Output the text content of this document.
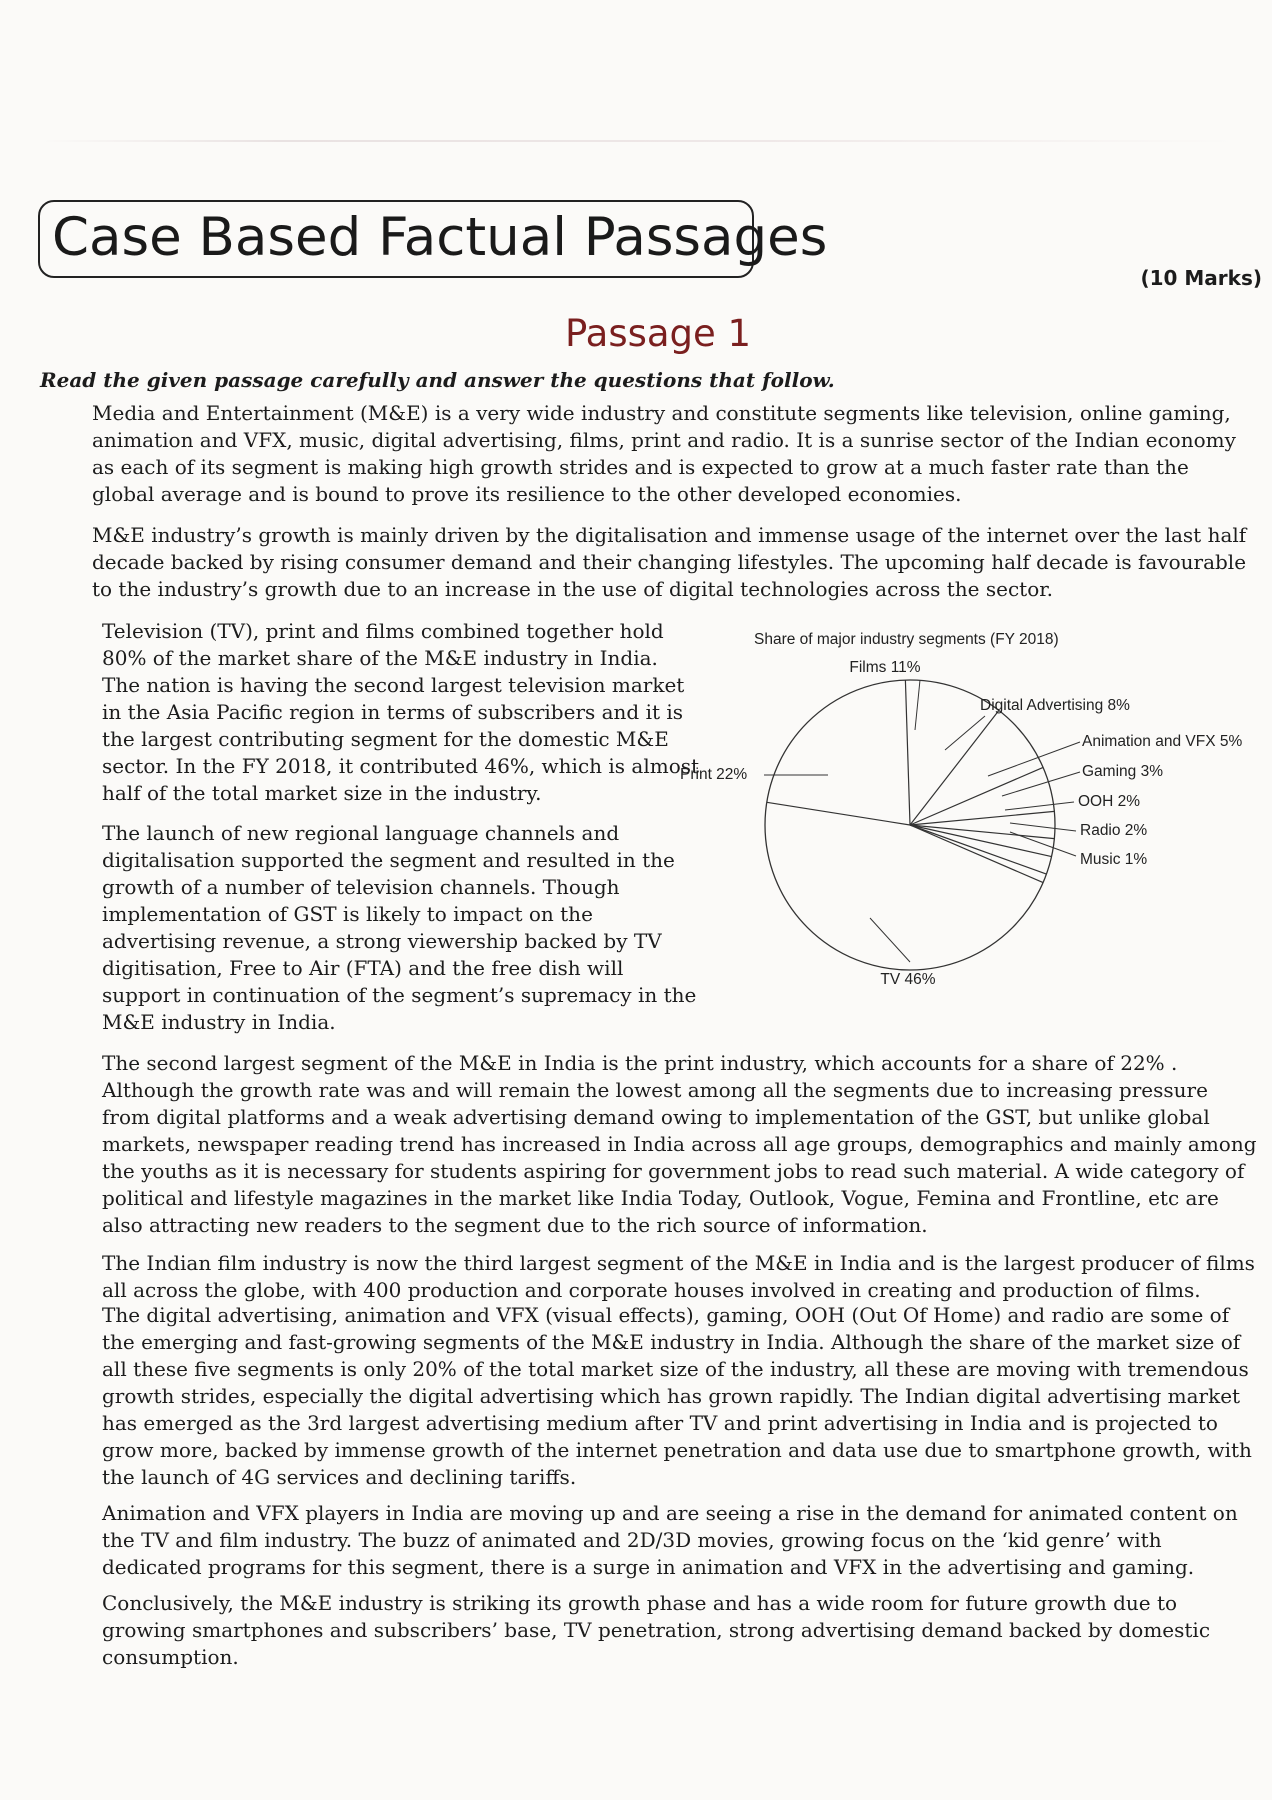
Case Based Factual Passages
(10 Marks)
Passage 1
Read the given passage carefully and answer the questions that follow.

Media and Entertainment (M&E) is a very wide industry and constitute segments like television, online gaming, animation and VFX, music, digital advertising, films, print and radio. It is a sunrise sector of the Indian economy as each of its segment is making high growth strides and is expected to grow at a much faster rate than the global average and is bound to prove its resilience to the other developed economies.

M&E industry’s growth is mainly driven by the digitalisation and immense usage of the internet over the last half decade backed by rising consumer demand and their changing lifestyles. The upcoming half decade is favourable to the industry’s growth due to an increase in the use of digital technologies across the sector.

Television (TV), print and films combined together hold 80% of the market share of the M&E industry in India. The nation is having the second largest television market in the Asia Pacific region in terms of subscribers and it is the largest contributing segment for the domestic M&E sector. In the FY 2018, it contributed 46%, which is almost half of the total market size in the industry.

The launch of new regional language channels and digitalisation supported the segment and resulted in the growth of a number of television channels. Though implementation of GST is likely to impact on the advertising revenue, a strong viewership backed by TV digitisation, Free to Air (FTA) and the free dish will support in continuation of the segment’s supremacy in the M&E industry in India.

The second largest segment of the M&E in India is the print industry, which accounts for a share of 22% . Although the growth rate was and will remain the lowest among all the segments due to increasing pressure from digital platforms and a weak advertising demand owing to implementation of the GST, but unlike global markets, newspaper reading trend has increased in India across all age groups, demographics and mainly among the youths as it is necessary for students aspiring for government jobs to read such material. A wide category of political and lifestyle magazines in the market like India Today, Outlook, Vogue, Femina and Frontline, etc are also attracting new readers to the segment due to the rich source of information.

The Indian film industry is now the third largest segment of the M&E in India and is the largest producer of films all across the globe, with 400 production and corporate houses involved in creating and production of films.

The digital advertising, animation and VFX (visual effects), gaming, OOH (Out Of Home) and radio are some of the emerging and fast-growing segments of the M&E industry in India. Although the share of the market size of all these five segments is only 20% of the total market size of the industry, all these are moving with tremendous growth strides, especially the digital advertising which has grown rapidly. The Indian digital advertising market has emerged as the 3rd largest advertising medium after TV and print advertising in India and is projected to grow more, backed by immense growth of the internet penetration and data use due to smartphone growth, with the launch of 4G services and declining tariffs.

Animation and VFX players in India are moving up and are seeing a rise in the demand for animated content on the TV and film industry. The buzz of animated and 2D/3D movies, growing focus on the ‘kid genre’ with dedicated programs for this segment, there is a surge in animation and VFX in the advertising and gaming.

Conclusively, the M&E industry is striking its growth phase and has a wide room for future growth due to growing smartphones and subscribers’ base, TV penetration, strong advertising demand backed by domestic consumption.

Share of major industry segments (FY 2018)
TV 46%
Print 22%
Films 11%
Digital Advertising 8%
Animation and VFX 5%
Gaming 3%
OOH 2%
Radio 2%
Music 1%
